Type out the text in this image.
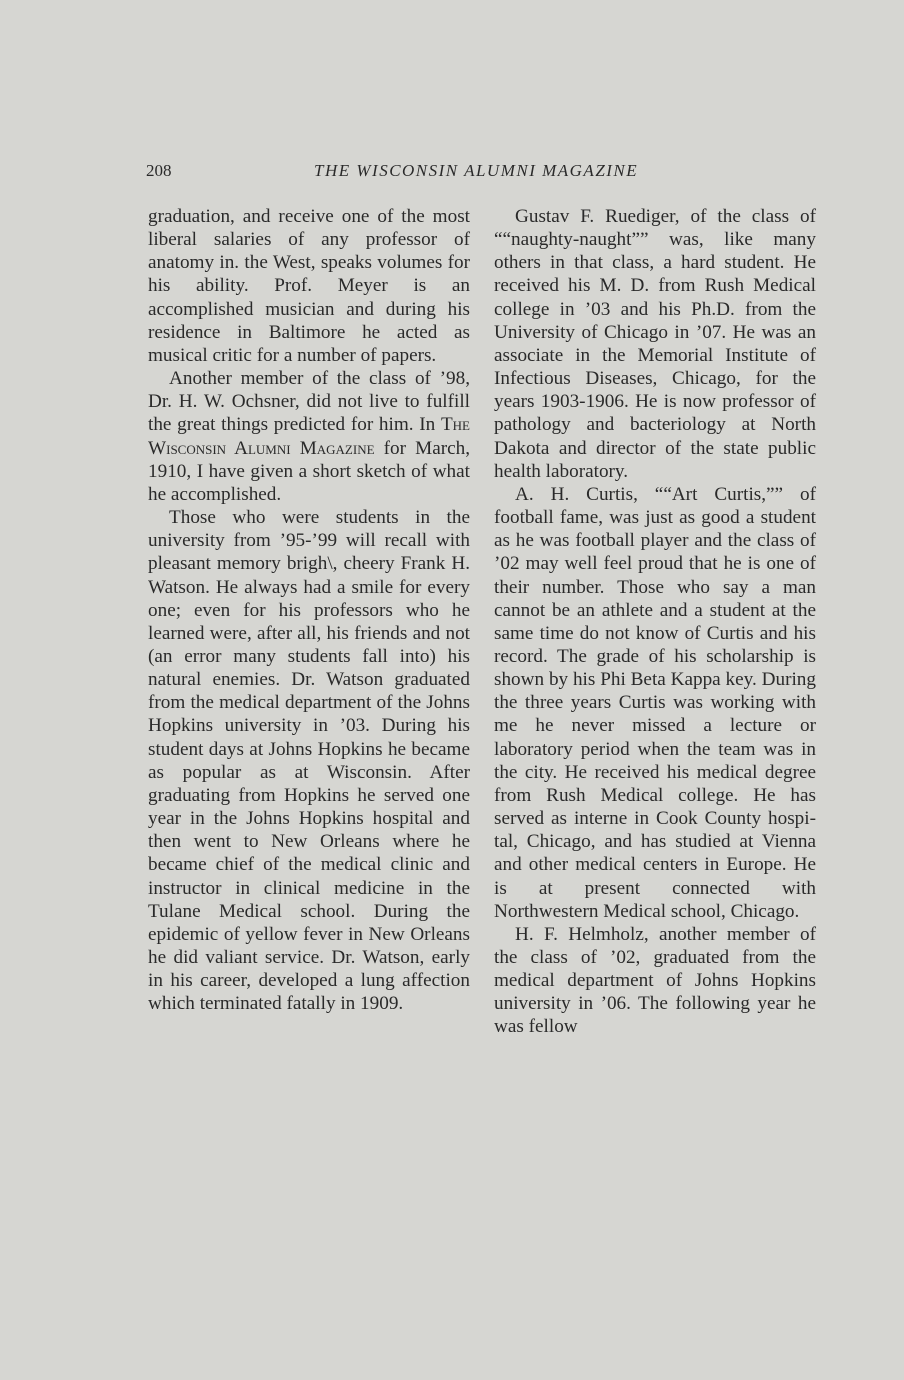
208	THE WISCONSIN ALUMNI MAGAZINE

graduation, and receive one of the most liberal salaries of any professor of anatomy in. the West, speaks volumes for his ability. Prof. Meyer is an accomplished musician and during his residence in Baltimore he acted as musical critic for a number of papers.

Another member of the class of ’98, Dr. H. W. Ochsner, did not live to fulfill the great things predicted for him. In The Wisconsin Alumni Magazine for March, 1910, I have given a short sketch of what he accomplished.

Those who were students in the university from ’95-’99 will recall with pleasant memory brigh\, cheery Frank H. Watson. He always had a smile for every one; even for his professors who he learned were, after all, his friends and not (an error many students fall into) his natural enemies. Dr. Watson graduated from the medical department of the Johns Hopkins university in ’03. During his student days at Johns Hopkins he became as popular as at Wisconsin. After graduating from Hopkins he served one year in the Johns Hopkins hospital and then went to New Orleans where he became chief of the medical clinic and instructor in clinical medicine in the Tulane Medical school. During the epidemic of yellow fever in New Orleans he did valiant service. Dr. Watson, early in his career, developed a lung affection which terminated fatally in 1909.

Gustav F. Ruediger, of the class of ““naughty-naught”” was, like many others in that class, a hard student. He received his M. D. from Rush Medical college in ’03 and his Ph.D. from the University of Chicago in ’07. He was an associate in the Memorial Institute of Infectious Diseases, Chicago, for the years 1903-1906. He is now professor of pathology and bacteriology at North Dakota and director of the state public health laboratory.

A. H. Curtis, ““Art Curtis,”” of football fame, was just as good a student as he was football player and the class of ’02 may well feel proud that he is one of their number. Those who say a man cannot be an athlete and a student at the same time do not know of Curtis and his record. The grade of his scholarship is shown by his Phi Beta Kappa key. During the three years Curtis was working with me he never missed a lecture or laboratory period when the team was in the city. He received his medical degree from Rush Medical college. He has served as interne in Cook County hospital, Chicago, and has studied at Vienna and other medical centers in Europe. He is at present connected with Northwestern Medical school, Chicago.

H. F. Helmholz, another member of the class of ’02, graduated from the medical department of Johns Hopkins university in ’06. The following year he was fellow
